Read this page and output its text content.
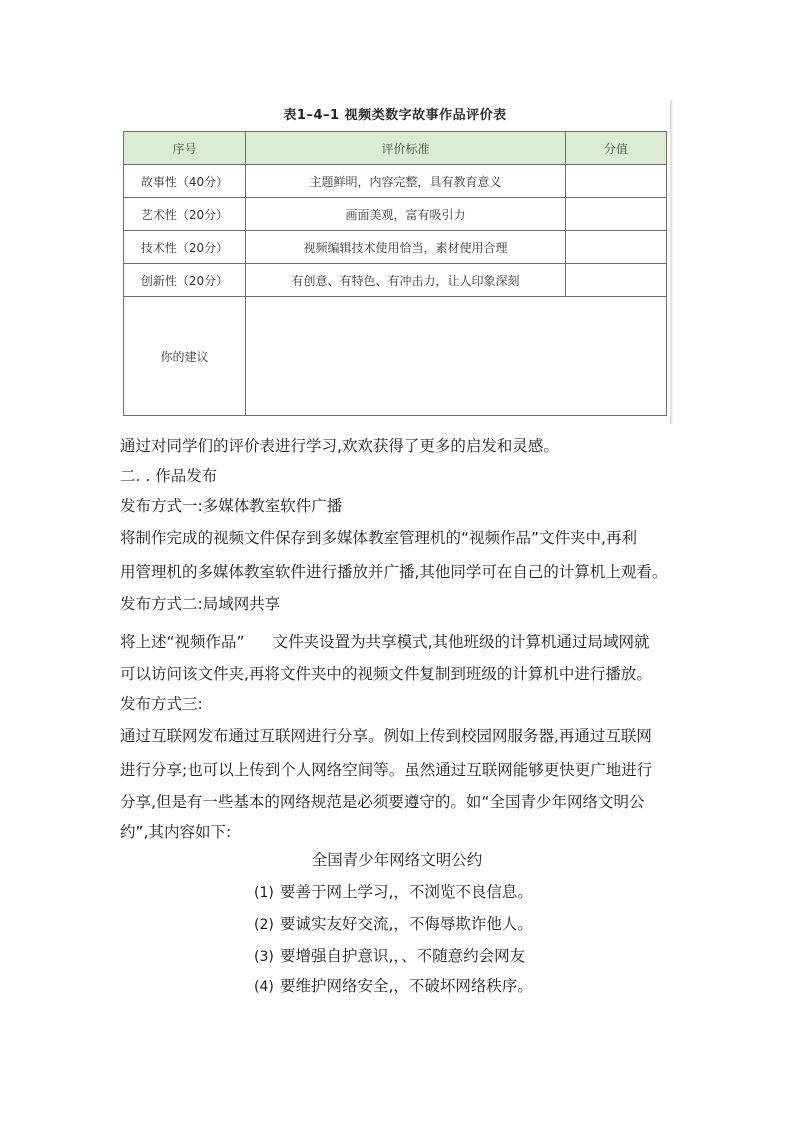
表1–4–1 视频类数字故事作品评价表
序号	评价标准	分值
故事性（40分）	主题鲜明，内容完整，具有教育意义	
艺术性（20分）	画面美观，富有吸引力	
技术性（20分）	视频编辑技术使用恰当，素材使用合理	
创新性（20分）	有创意、有特色、有冲击力，让人印象深刻	
你的建议		
通过对同学们的评价表进行学习,欢欢获得了更多的启发和灵感。
二. . 作品发布
发布方式一:多媒体教室软件广播
将制作完成的视频文件保存到多媒体教室管理机的“视频作品”文件夹中,再利
用管理机的多媒体教室软件进行播放并广播,其他同学可在自己的计算机上观看。
发布方式二:局域网共享
将上述“视频作品” 文件夹设置为共享模式,其他班级的计算机通过局域网就
可以访问该文件夹,再将文件夹中的视频文件复制到班级的计算机中进行播放。
发布方式三:
通过互联网发布通过互联网进行分享。例如上传到校园网服务器,再通过互联网
进行分享;也可以上传到个人网络空间等。虽然通过互联网能够更快更广地进行
分享,但是有一些基本的网络规范是必须要遵守的。如“全国青少年网络文明公
约”,其内容如下:
全国青少年网络文明公约
(1) 要善于网上学习,，不浏览不良信息。
(2) 要诚实友好交流,，不侮辱欺诈他人。
(3) 要增强自护意识,，、不随意约会网友
(4) 要维护网络安全,，不破坏网络秩序。
